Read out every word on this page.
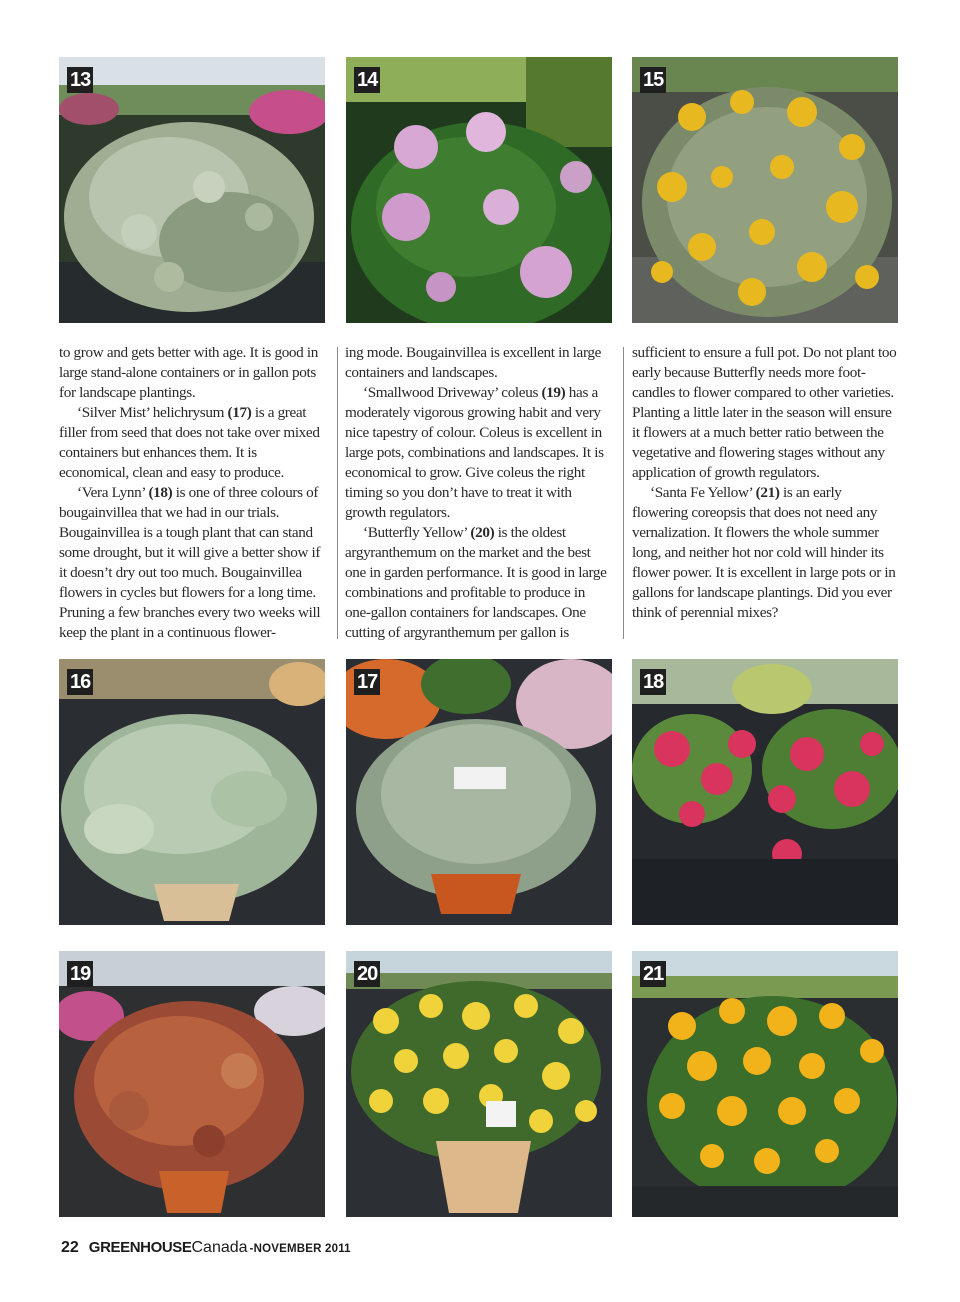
13	14	15

to grow and gets better with age. It is good in large stand-alone containers or in gallon pots for landscape plantings.

‘Silver Mist’ helichrysum (17) is a great filler from seed that does not take over mixed containers but enhances them. It is economical, clean and easy to produce.

‘Vera Lynn’ (18) is one of three colours of bougainvillea that we had in our trials. Bougainvillea is a tough plant that can stand some drought, but it will give a better show if it doesn’t dry out too much. Bougainvillea flowers in cycles but flowers for a long time. Pruning a few branches every two weeks will keep the plant in a continuous flower-

ing mode. Bougainvillea is excellent in large containers and landscapes.

‘Smallwood Driveway’ coleus (19) has a moderately vigorous growing habit and very nice tapestry of colour. Coleus is excellent in large pots, combinations and landscapes. It is economical to grow. Give coleus the right timing so you don’t have to treat it with growth regulators.

‘Butterfly Yellow’ (20) is the oldest argyranthemum on the market and the best one in garden performance. It is good in large combinations and profitable to produce in one-gallon containers for landscapes. One cutting of argyranthemum per gallon is

sufficient to ensure a full pot. Do not plant too early because Butterfly needs more foot-candles to flower compared to other varieties. Planting a little later in the season will ensure it flowers at a much better ratio between the vegetative and flowering stages without any application of growth regulators.

‘Santa Fe Yellow’ (21) is an early flowering coreopsis that does not need any vernalization. It flowers the whole summer long, and neither hot nor cold will hinder its flower power. It is excellent in large pots or in gallons for landscape plantings. Did you ever think of perennial mixes?

16	17	18
19	20	21
22 GREENHOUSE Canada - NOVEMBER 2011
